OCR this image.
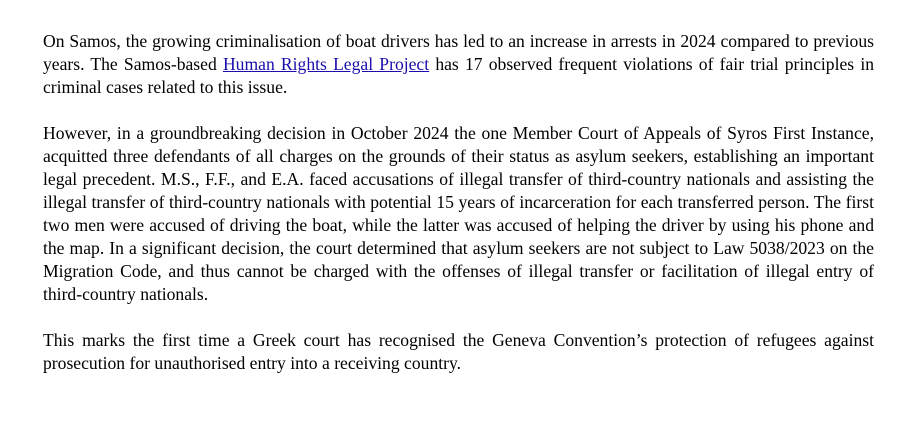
On Samos, the growing criminalisation of boat drivers has led to an increase in arrests in 2024 compared to previous years. The Samos-based Human Rights Legal Project has 17 observed frequent violations of fair trial principles in criminal cases related to this issue.

However, in a groundbreaking decision in October 2024 the one Member Court of Appeals of Syros First Instance, acquitted three defendants of all charges on the grounds of their status as asylum seekers, establishing an important legal precedent. M.S., F.F., and E.A. faced accusations of illegal transfer of third-country nationals and assisting the illegal transfer of third-country nationals with potential 15 years of incarceration for each transferred person. The first two men were accused of driving the boat, while the latter was accused of helping the driver by using his phone and the map. In a significant decision, the court determined that asylum seekers are not subject to Law 5038/2023 on the Migration Code, and thus cannot be charged with the offenses of illegal transfer or facilitation of illegal entry of third-country nationals.

This marks the first time a Greek court has recognised the Geneva Convention’s protection of refugees against prosecution for unauthorised entry into a receiving country.
